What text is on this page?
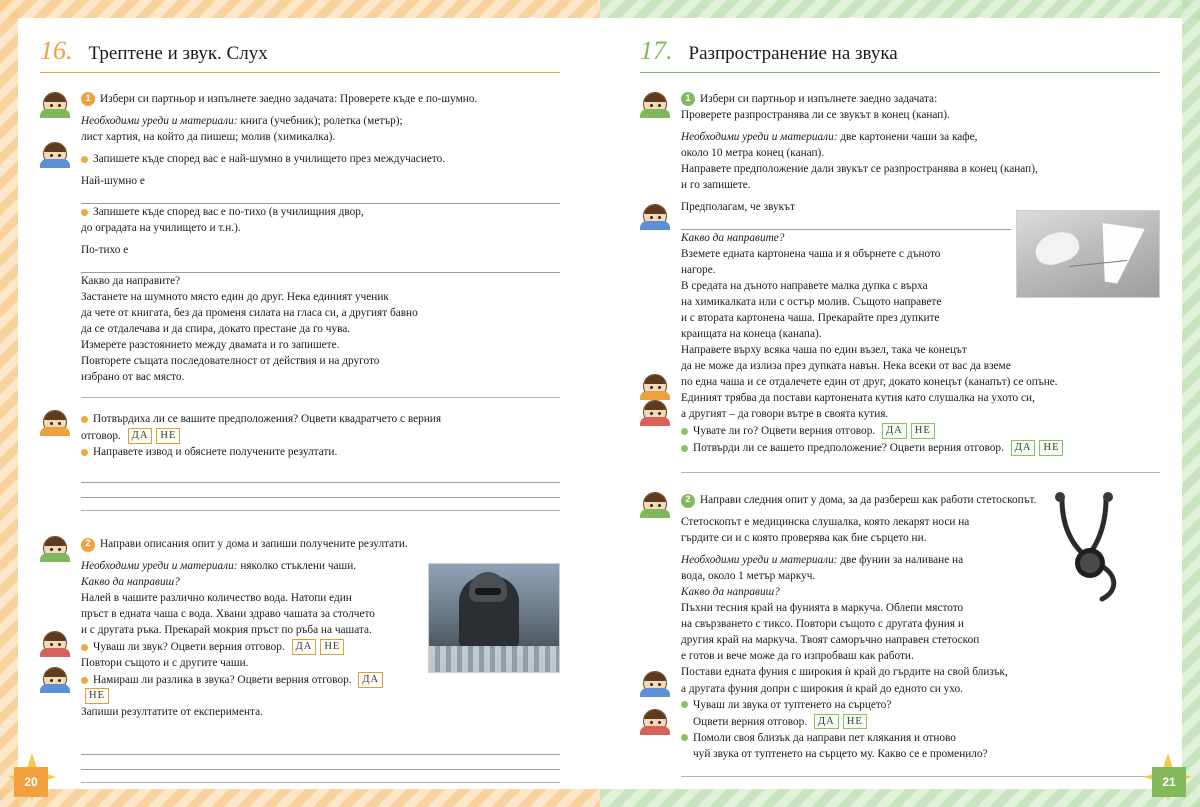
16. Трептене и звук. Слух

1 Избери си партньор и изпълнете заедно задачата: Проверете къде е по-шумно.

Необходими уреди и материали: книга (учебник); ролетка (метър);

лист хартия, на който да пишеш; молив (химикалка).

Запишете къде според вас е най-шумно в училището през междучасието.

Най-шумно е

Запишете къде според вас е по-тихо (в училищния двор,

до оградата на училището и т.н.).

По-тихо е

Какво да направите?

Застанете на шумното място един до друг. Нека единият ученик

да чете от книгата, без да променя силата на гласа си, а другият бавно

да се отдалечава и да спира, докато престане да го чува.

Измерете разстоянието между двамата и го запишете.

Повторете същата последователност от действия и на другото

избрано от вас място.

Потвърдиха ли се вашите предположения? Оцвети квадратчето с верния

отговор. ДА НЕ

Направете извод и обяснете получените резултати.

2 Направи описания опит у дома и запиши получените резултати.

Необходими уреди и материали: няколко стъклени чаши.

Какво да направиш?

Налей в чашите различно количество вода. Натопи един

пръст в едната чаша с вода. Хвани здраво чашата за столчето

и с другата ръка. Прекарай мокрия пръст по ръба на чашата.

Чуваш ли звук? Оцвети верния отговор. ДА НЕ

Повтори същото и с другите чаши.

Намираш ли разлика в звука? Оцвети верния отговор. ДАНЕ

Запиши резултатите от експеримента.

20
17. Разпространение на звука

1 Избери си партньор и изпълнете заедно задачата:

Проверете разпространява ли се звукът в конец (канап).

Необходими уреди и материали: две картонени чаши за кафе,

около 10 метра конец (канап).

Направете предположение дали звукът се разпространява в конец (канап),

и го запишете.

Предполагам, че звукът

Какво да направите?

Вземете едната картонена чаша и я обърнете с дъното

нагоре.

В средата на дъното направете малка дупка с върха

на химикалката или с остър молив. Същото направете

и с втората картонена чаша. Прекарайте през дупките

краищата на конеца (канапа).

Направете върху всяка чаша по един възел, така че конецът

да не може да излиза през дупката навън. Нека всеки от вас да вземе

по една чаша и се отдалечете един от друг, докато конецът (канапът) се опъне.

Единият трябва да постави картонената кутия като слушалка на ухото си,

а другият – да говори вътре в своята кутия.

Чувате ли го? Оцвети верния отговор. ДА НЕ

Потвърди ли се вашето предположение? Оцвети верния отговор. ДА НЕ

2 Направи следния опит у дома, за да разбереш как работи стетоскопът.

Стетоскопът е медицинска слушалка, която лекарят носи на

гърдите си и с която проверява как бие сърцето ни.

Необходими уреди и материали: две фунии за наливане на

вода, около 1 метър маркуч.

Какво да направиш?

Пъхни тесния край на фунията в маркуча. Облепи мястото

на свързването с тиксо. Повтори същото с другата фуния и

другия край на маркуча. Твоят саморъчно направен стетоскоп

е готов и вече може да го изпробваш как работи.

Постави едната фуния с широкия ѝ край до гърдите на свой близък,

а другата фуния допри с широкия ѝ край до едното си ухо.

Чуваш ли звука от туптенето на сърцето?

Оцвети верния отговор. ДА НЕ

Помоли своя близък да направи пет клякания и отново

чуй звука от туптенето на сърцето му. Какво се е променило?

21
